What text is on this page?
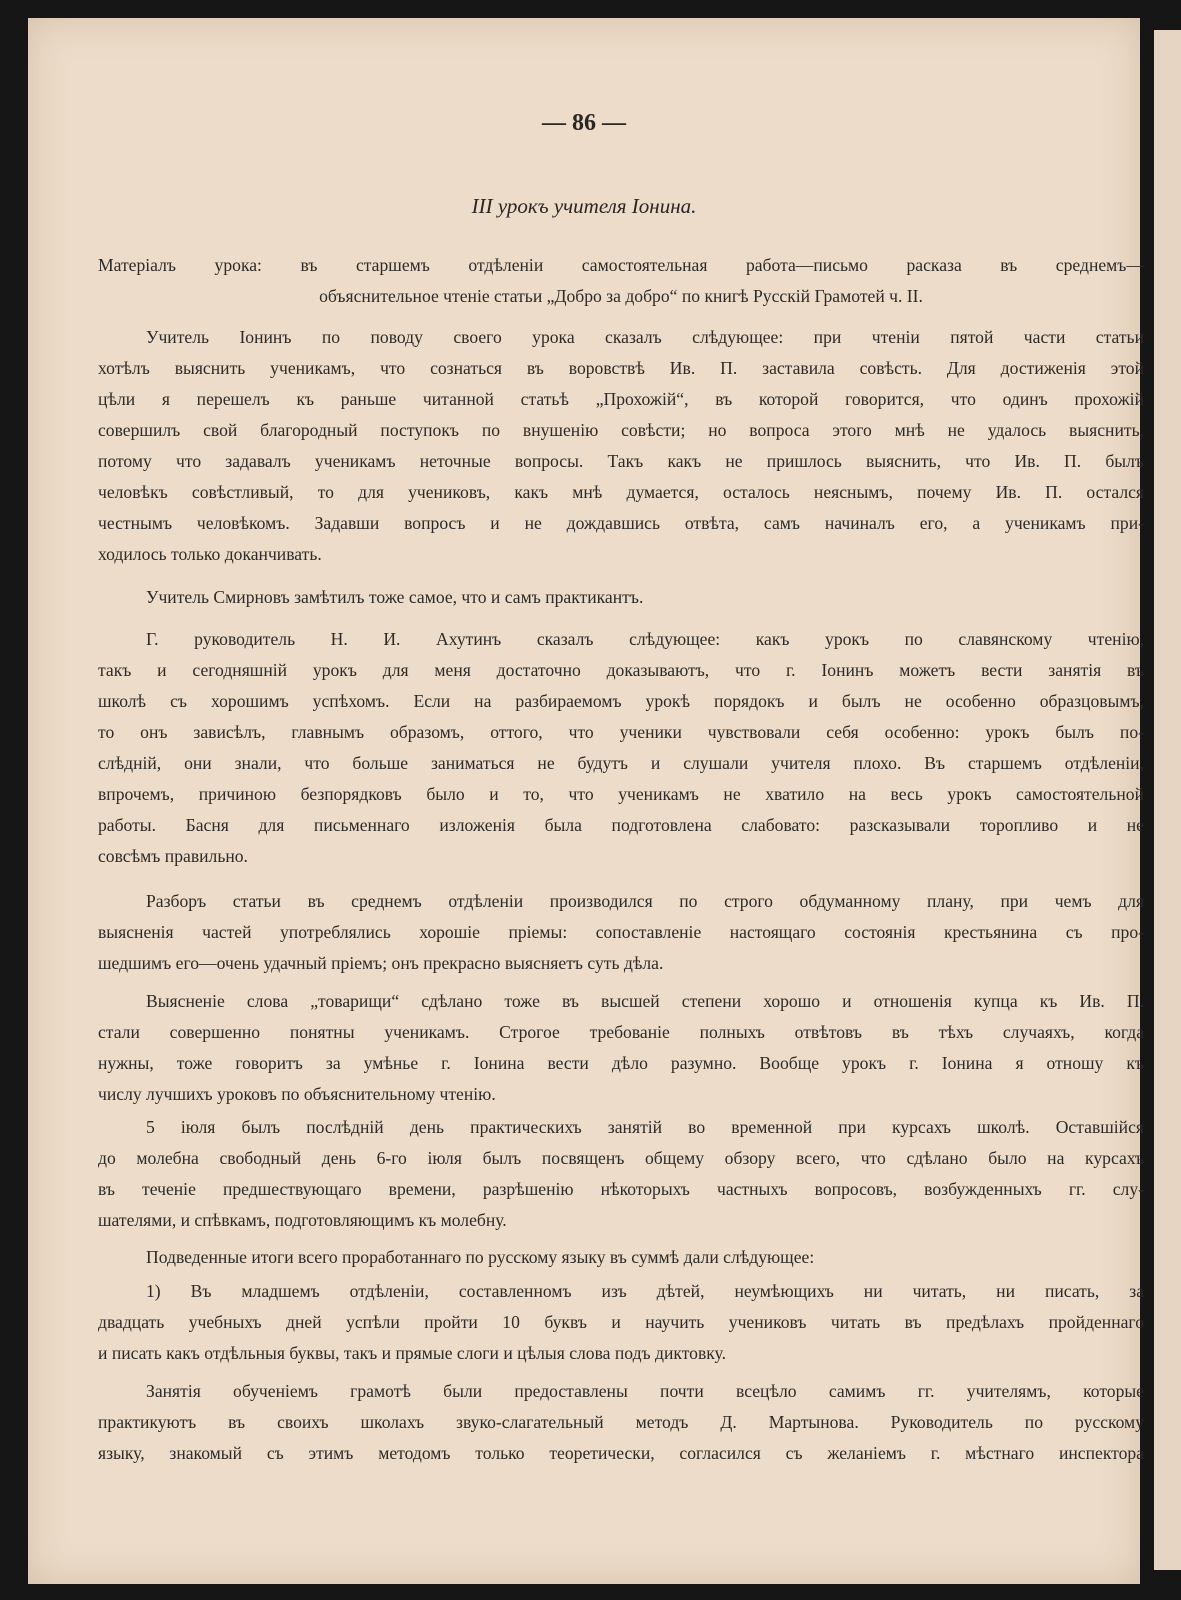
— 86 —
III урокъ учителя Іонина.
Матеріалъ урока: въ старшемъ отдѣленіи самостоятельная работа—письмо расказа въ среднемъ—
объяснительное чтеніе статьи „Добро за добро“ по книгѣ Русскій Грамотей ч. II.
Учитель Іонинъ по поводу своего урока сказалъ слѣдующее: при чтеніи пятой части статьи
хотѣлъ выяснить ученикамъ, что сознаться въ воровствѣ Ив. П. заставила совѣсть. Для достиженія этой
цѣли я перешелъ къ раньше читанной статьѣ „Прохожій“, въ которой говорится, что одинъ прохожій
совершилъ свой благородный поступокъ по внушенію совѣсти; но вопроса этого мнѣ не удалось выяснить,
потому что задавалъ ученикамъ неточные вопросы. Такъ какъ не пришлось выяснить, что Ив. П. былъ
человѣкъ совѣстливый, то для учениковъ, какъ мнѣ думается, осталось неяснымъ, почему Ив. П. остался
честнымъ человѣкомъ. Задавши вопросъ и не дождавшись отвѣта, самъ начиналъ его, а ученикамъ при-
ходилось только доканчивать.
Учитель Смирновъ замѣтилъ тоже самое, что и самъ практикантъ.
Г. руководитель Н. И. Ахутинъ сказалъ слѣдующее: какъ урокъ по славянскому чтенію,
такъ и сегодняшній урокъ для меня достаточно доказываютъ, что г. Іонинъ можетъ вести занятія въ
школѣ съ хорошимъ успѣхомъ. Если на разбираемомъ урокѣ порядокъ и былъ не особенно образцовымъ,
то онъ зависѣлъ, главнымъ образомъ, оттого, что ученики чувствовали себя особенно: урокъ былъ по-
слѣдній, они знали, что больше заниматься не будутъ и слушали учителя плохо. Въ старшемъ отдѣленіи,
впрочемъ, причиною безпорядковъ было и то, что ученикамъ не хватило на весь урокъ самостоятельной
работы. Басня для письменнаго изложенія была подготовлена слабовато: разсказывали торопливо и не
совсѣмъ правильно.
Разборъ статьи въ среднемъ отдѣленіи производился по строго обдуманному плану, при чемъ для
выясненія частей употреблялись хорошіе пріемы: сопоставленіе настоящаго состоянія крестьянина съ про-
шедшимъ его—очень удачный пріемъ; онъ прекрасно выясняетъ суть дѣла.
Выясненіе слова „товарищи“ сдѣлано тоже въ высшей степени хорошо и отношенія купца къ Ив. П.
стали совершенно понятны ученикамъ. Строгое требованіе полныхъ отвѣтовъ въ тѣхъ случаяхъ, когда
нужны, тоже говоритъ за умѣнье г. Іонина вести дѣло разумно. Вообще урокъ г. Іонина я отношу къ
числу лучшихъ уроковъ по объяснительному чтенію.
5 іюля былъ послѣдній день практическихъ занятій во временной при курсахъ школѣ. Оставшійся
до молебна свободный день 6-го іюля былъ посвященъ общему обзору всего, что сдѣлано было на курсахъ
въ теченіе предшествующаго времени, разрѣшенію нѣкоторыхъ частныхъ вопросовъ, возбужденныхъ гг. слу-
шателями, и спѣвкамъ, подготовляющимъ къ молебну.
Подведенные итоги всего проработаннаго по русскому языку въ суммѣ дали слѣдующее:
1) Въ младшемъ отдѣленіи, составленномъ изъ дѣтей, неумѣющихъ ни читать, ни писать, за
двадцать учебныхъ дней успѣли пройти 10 буквъ и научить учениковъ читать въ предѣлахъ пройденнаго
и писать какъ отдѣльныя буквы, такъ и прямые слоги и цѣлыя слова подъ диктовку.
Занятія обученіемъ грамотѣ были предоставлены почти всецѣло самимъ гг. учителямъ, которые
практикуютъ въ своихъ школахъ звуко-слагательный методъ Д. Мартынова. Руководитель по русскому
языку, знакомый съ этимъ методомъ только теоретически, согласился съ желаніемъ г. мѣстнаго инспектора
